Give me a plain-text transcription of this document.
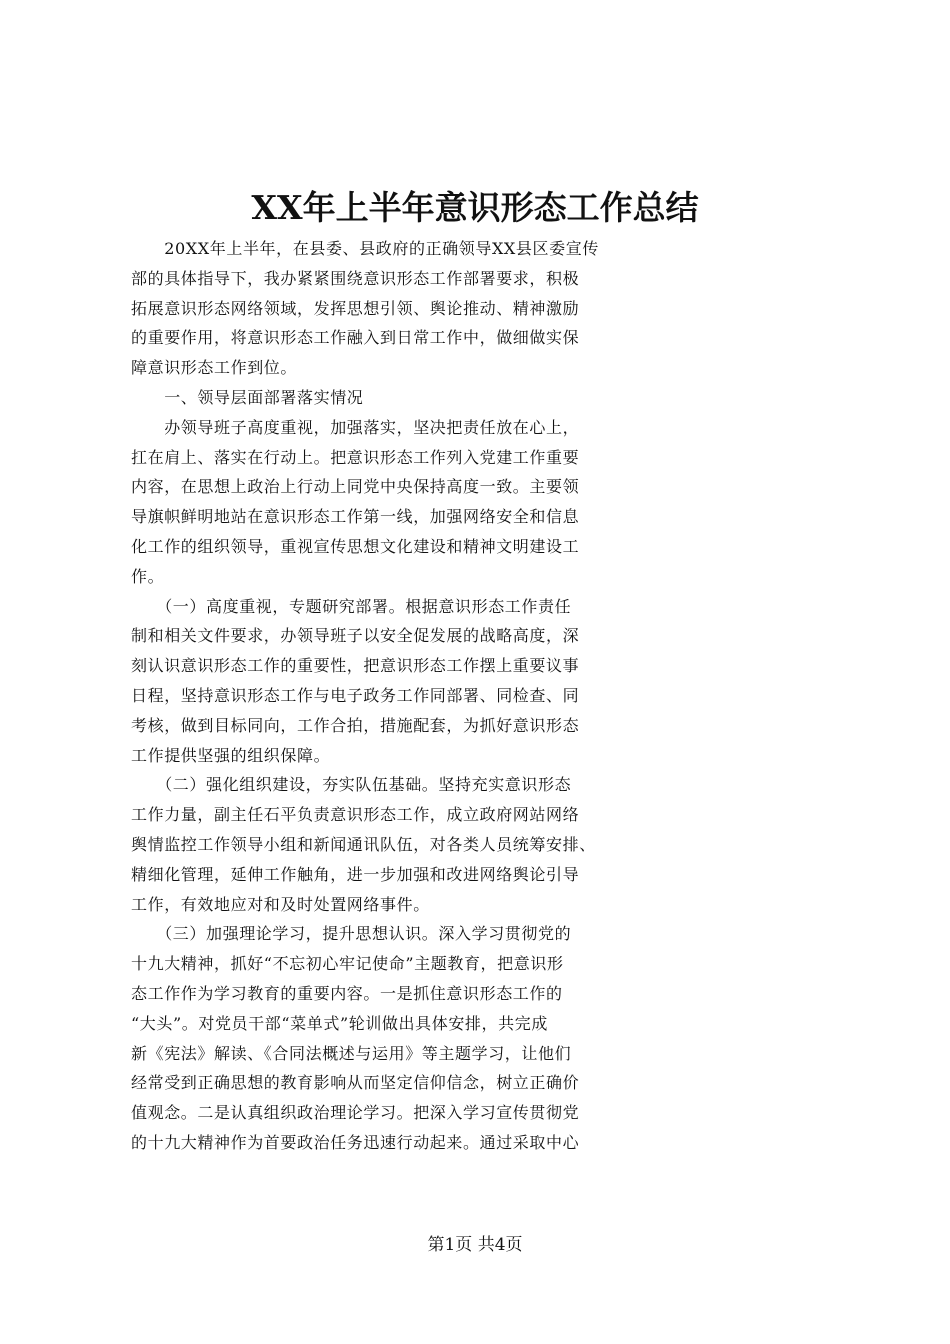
XX年上半年意识形态工作总结
　　20XX年上半年，在县委、县政府的正确领导XX县区委宣传
部的具体指导下，我办紧紧围绕意识形态工作部署要求，积极
拓展意识形态网络领域，发挥思想引领、舆论推动、精神激励
的重要作用，将意识形态工作融入到日常工作中，做细做实保
障意识形态工作到位。
　　一、领导层面部署落实情况
　　办领导班子高度重视，加强落实，坚决把责任放在心上，
扛在肩上、落实在行动上。把意识形态工作列入党建工作重要
内容，在思想上政治上行动上同党中央保持高度一致。主要领
导旗帜鲜明地站在意识形态工作第一线，加强网络安全和信息
化工作的组织领导，重视宣传思想文化建设和精神文明建设工
作。
　　（一）高度重视，专题研究部署。根据意识形态工作责任
制和相关文件要求，办领导班子以安全促发展的战略高度，深
刻认识意识形态工作的重要性，把意识形态工作摆上重要议事
日程，坚持意识形态工作与电子政务工作同部署、同检查、同
考核，做到目标同向，工作合拍，措施配套，为抓好意识形态
工作提供坚强的组织保障。
　　（二）强化组织建设，夯实队伍基础。坚持充实意识形态
工作力量，副主任石平负责意识形态工作，成立政府网站网络
舆情监控工作领导小组和新闻通讯队伍，对各类人员统筹安排、
精细化管理，延伸工作触角，进一步加强和改进网络舆论引导
工作，有效地应对和及时处置网络事件。
　　（三）加强理论学习，提升思想认识。深入学习贯彻党的
十九大精神，抓好“不忘初心牢记使命”主题教育，把意识形
态工作作为学习教育的重要内容。一是抓住意识形态工作的
“大头”。对党员干部“菜单式”轮训做出具体安排，共完成
新《宪法》解读、《合同法概述与运用》等主题学习，让他们
经常受到正确思想的教育影响从而坚定信仰信念，树立正确价
值观念。二是认真组织政治理论学习。把深入学习宣传贯彻党
的十九大精神作为首要政治任务迅速行动起来。通过采取中心

第1页 共4页
